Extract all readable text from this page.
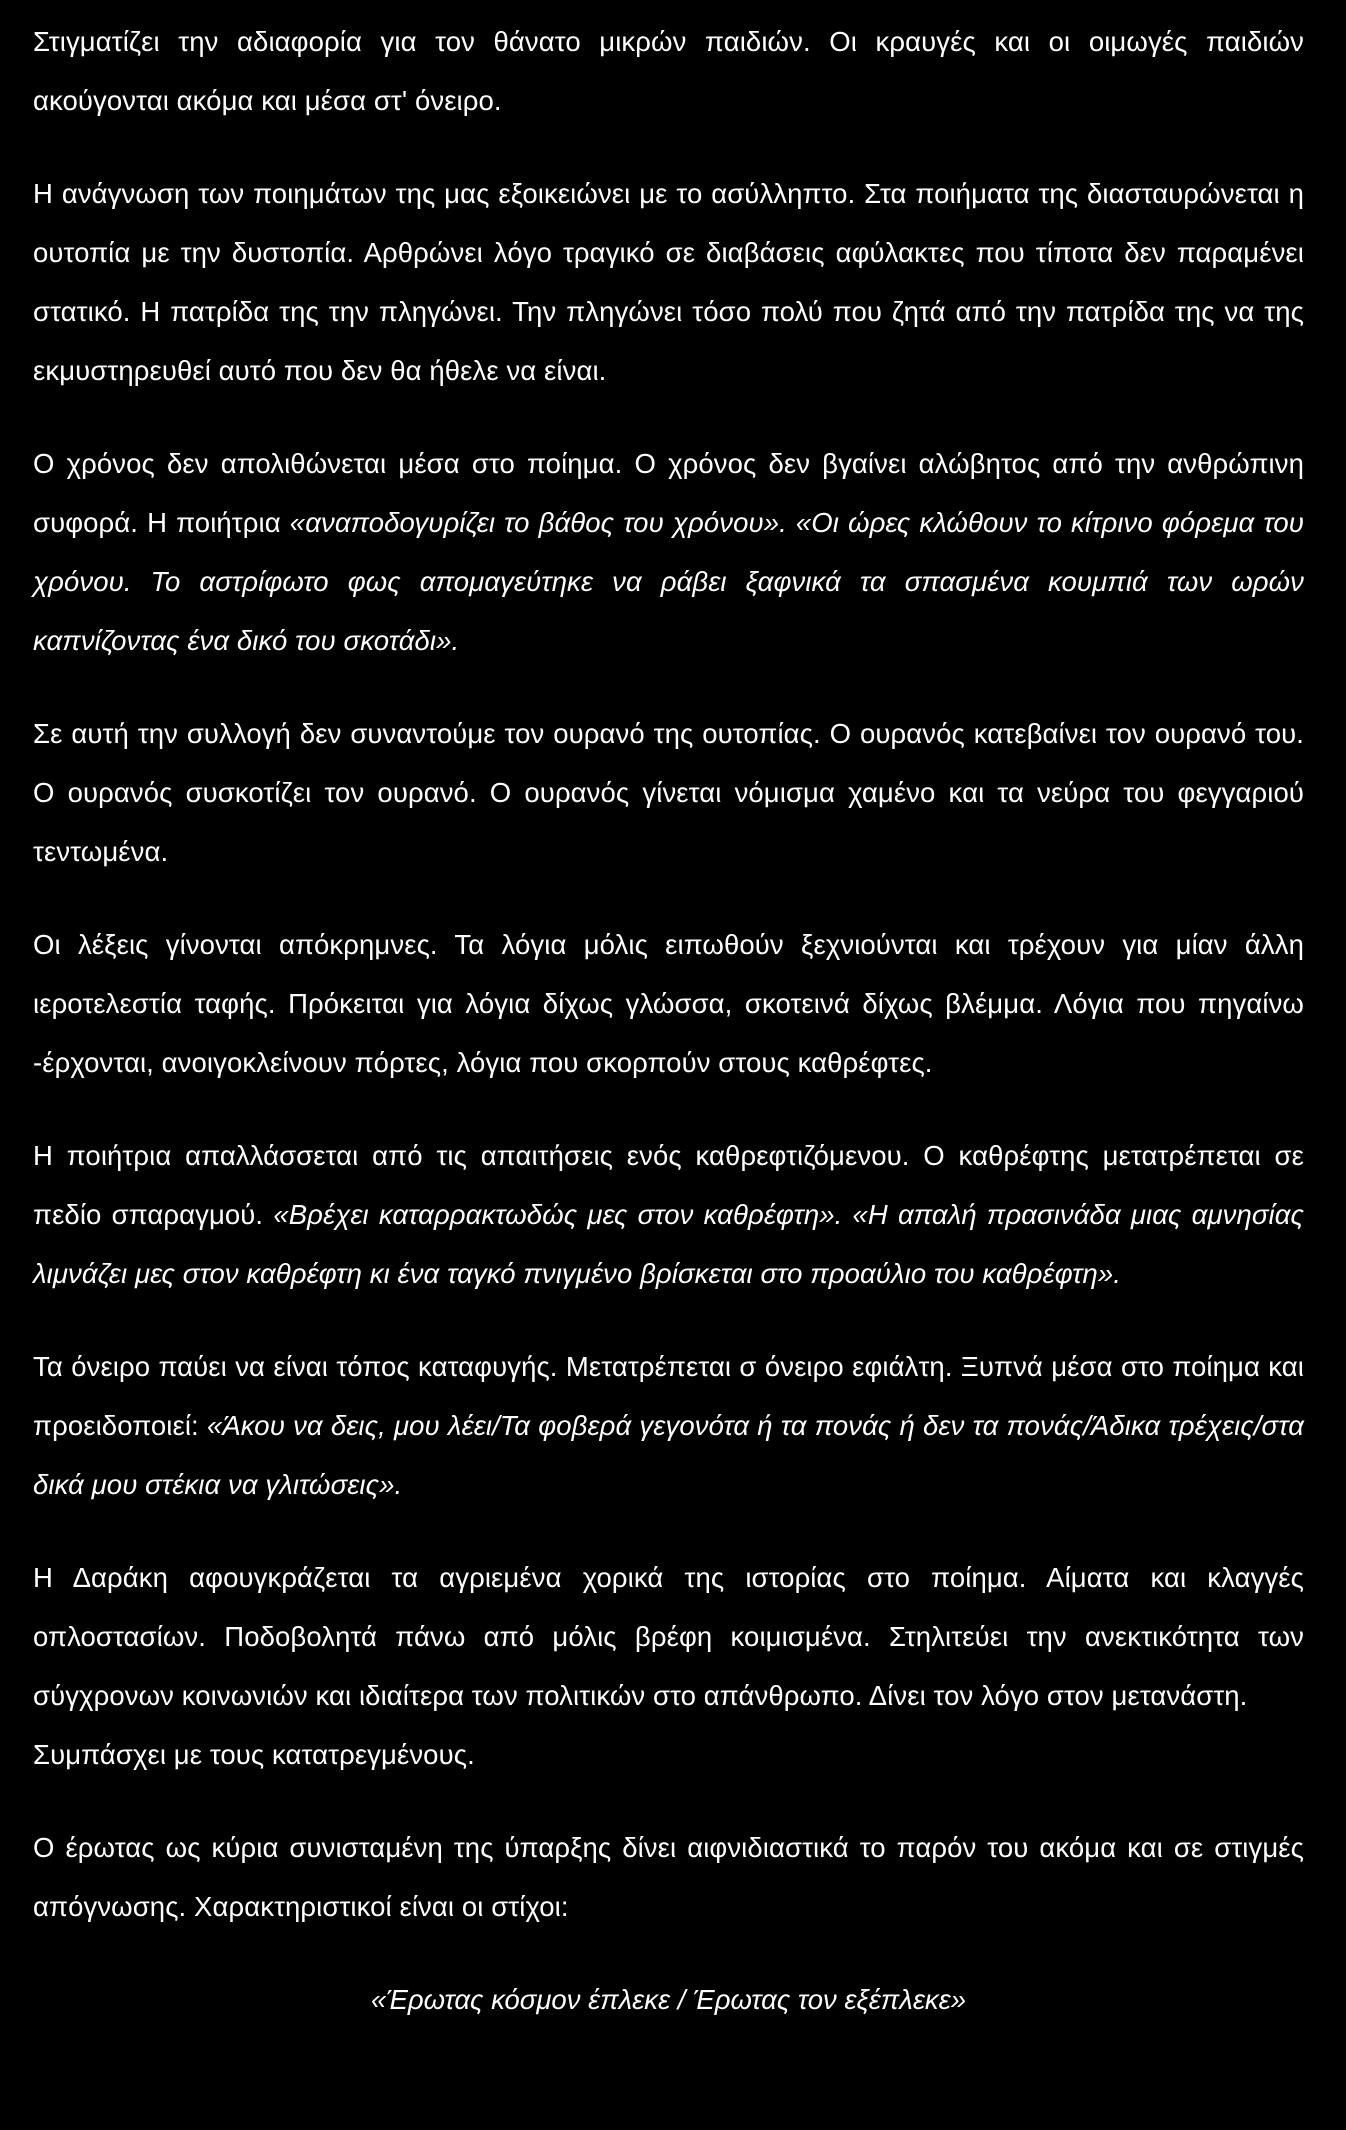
Στιγματίζει την αδιαφορία για τον θάνατο μικρών παιδιών. Οι κραυγές και οι οιμωγές παιδιών ακούγονται ακόμα και μέσα στ' όνειρο.

Η ανάγνωση των ποιημάτων της μας εξοικειώνει με το ασύλληπτο. Στα ποιήματα της διασταυρώνεται η ουτοπία με την δυστοπία. Αρθρώνει λόγο τραγικό σε διαβάσεις αφύλακτες που τίποτα δεν παραμένει στατικό. Η πατρίδα της την πληγώνει. Την πληγώνει τόσο πολύ που ζητά από την πατρίδα της να της εκμυστηρευθεί αυτό που δεν θα ήθελε να είναι.

Ο χρόνος δεν απολιθώνεται μέσα στο ποίημα. Ο χρόνος δεν βγαίνει αλώβητος από την ανθρώπινη συφορά. Η ποιήτρια «αναποδογυρίζει το βάθος του χρόνου». «Οι ώρες κλώθουν το κίτρινο φόρεμα του χρόνου. Το αστρίφωτο φως απομαγεύτηκε να ράβει ξαφνικά τα σπασμένα κουμπιά των ωρών καπνίζοντας ένα δικό του σκοτάδι».

Σε αυτή την συλλογή δεν συναντούμε τον ουρανό της ουτοπίας. Ο ουρανός κατεβαίνει τον ουρανό του. Ο ουρανός συσκοτίζει τον ουρανό. Ο ουρανός γίνεται νόμισμα χαμένο και τα νεύρα του φεγγαριού τεντωμένα.

Οι λέξεις γίνονται απόκρημνες. Τα λόγια μόλις ειπωθούν ξεχνιούνται και τρέχουν για μίαν άλλη ιεροτελεστία ταφής. Πρόκειται για λόγια δίχως γλώσσα, σκοτεινά δίχως βλέμμα. Λόγια που πηγαίνω -έρχονται, ανοιγοκλείνουν πόρτες, λόγια που σκορπούν στους καθρέφτες.

Η ποιήτρια απαλλάσσεται από τις απαιτήσεις ενός καθρεφτιζόμενου. Ο καθρέφτης μετατρέπεται σε πεδίο σπαραγμού. «Βρέχει καταρρακτωδώς μες στον καθρέφτη». «Η απαλή πρασινάδα μιας αμνησίας λιμνάζει μες στον καθρέφτη κι ένα ταγκό πνιγμένο βρίσκεται στο προαύλιο του καθρέφτη».

Τα όνειρο παύει να είναι τόπος καταφυγής. Μετατρέπεται σ όνειρο εφιάλτη. Ξυπνά μέσα στο ποίημα και προειδοποιεί: «Άκου να δεις, μου λέει/Τα φοβερά γεγονότα ή τα πονάς ή δεν τα πονάς/Άδικα τρέχεις/στα δικά μου στέκια να γλιτώσεις».

Η Δαράκη αφουγκράζεται τα αγριεμένα χορικά της ιστορίας στο ποίημα. Αίματα και κλαγγές οπλοστασίων. Ποδοβολητά πάνω από μόλις βρέφη κοιμισμένα. Στηλιτεύει την ανεκτικότητα των σύγχρονων κοινωνιών και ιδιαίτερα των πολιτικών στο απάνθρωπο. Δίνει τον λόγο στον μετανάστη.

Συμπάσχει με τους κατατρεγμένους.

Ο έρωτας ως κύρια συνισταμένη της ύπαρξης δίνει αιφνιδιαστικά το παρόν του ακόμα και σε στιγμές απόγνωσης. Χαρακτηριστικοί είναι οι στίχοι:

«Έρωτας κόσμον έπλεκε / Έρωτας τον εξέπλεκε»
